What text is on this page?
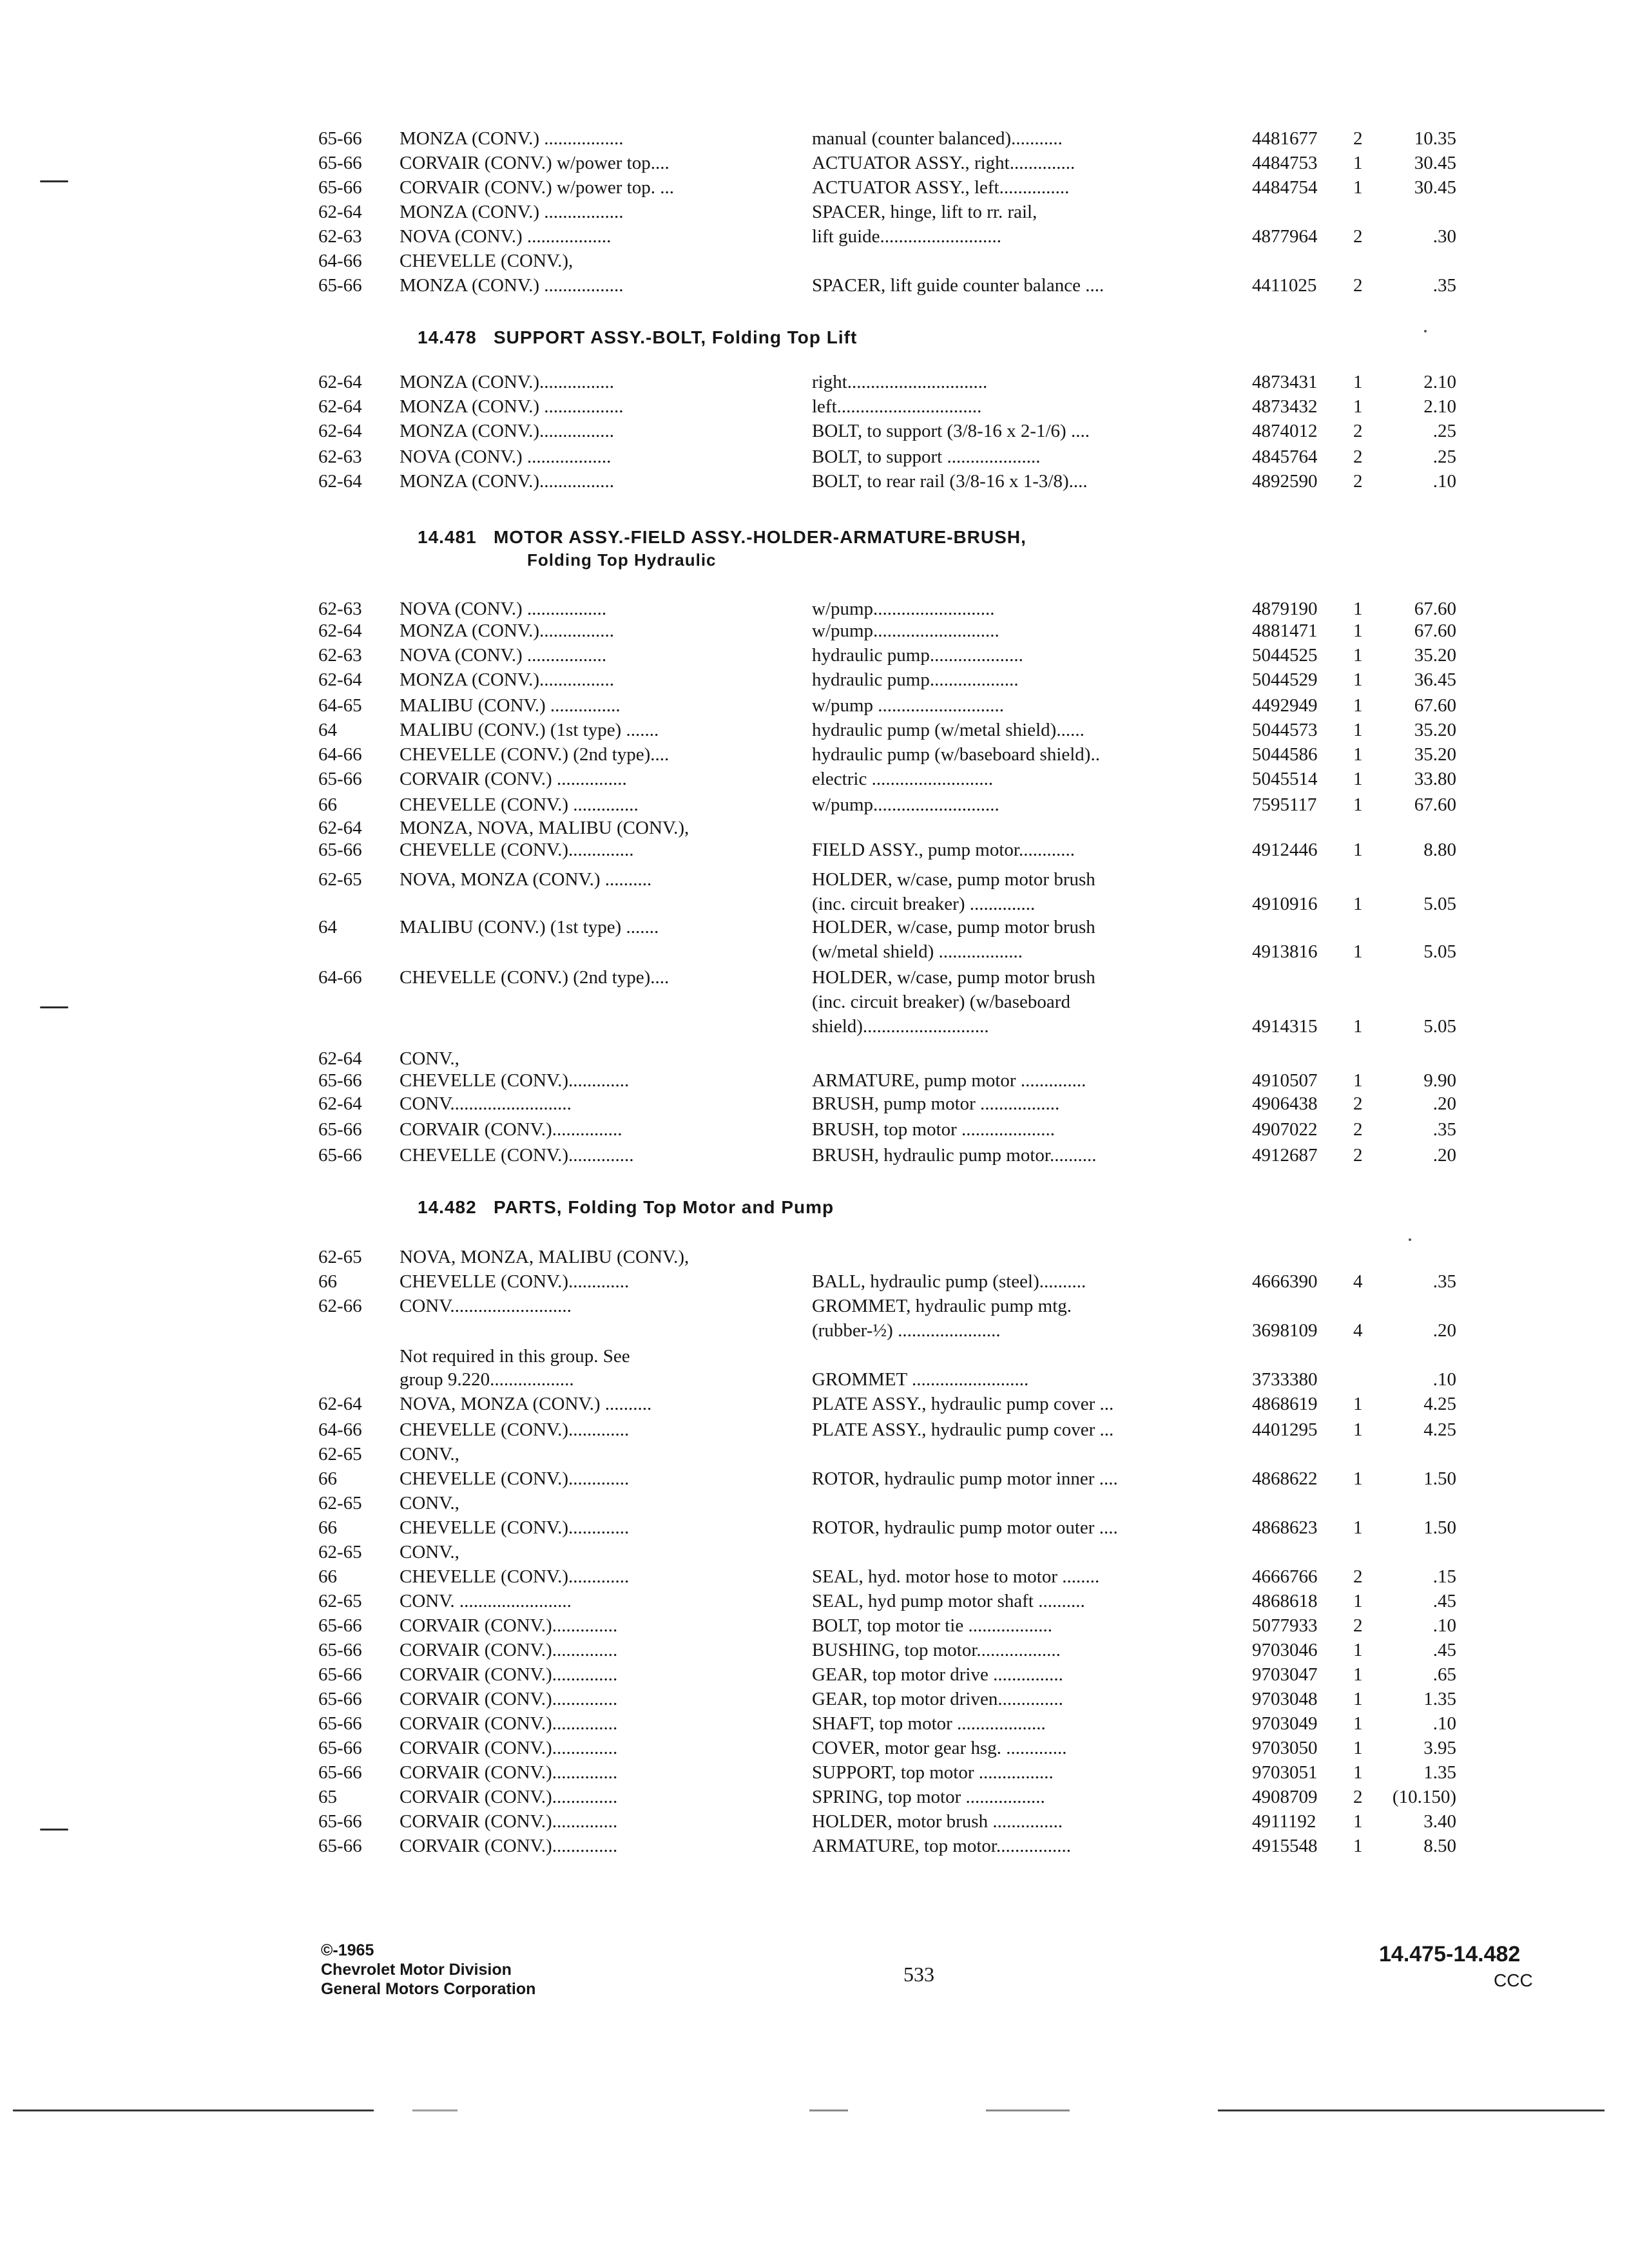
65-66 MONZA (CONV.) .................	manual (counter balanced)...........	4481677 2	10.35
65-66 CORVAIR (CONV.) w/power top....	ACTUATOR ASSY., right..............	4484753 1	30.45
65-66 CORVAIR (CONV.) w/power top. ...	ACTUATOR ASSY., left...............	4484754 1	30.45
62-64 MONZA (CONV.) .................	SPACER, hinge, lift to rr. rail,
62-63 NOVA (CONV.) ..................	lift guide..........................	4877964 2	.30
64-66 CHEVELLE (CONV.),
65-66 MONZA (CONV.) .................	SPACER, lift guide counter balance ....	4411025 2	.35
14.478 SUPPORT ASSY.-BOLT, Folding Top Lift
62-64 MONZA (CONV.)................	right..............................	4873431 1	2.10
62-64 MONZA (CONV.) .................	left...............................	4873432 1	2.10
62-64 MONZA (CONV.)................	BOLT, to support (3/8-16 x 2-1/6) ....	4874012 2	.25
62-63 NOVA (CONV.) ..................	BOLT, to support ....................	4845764 2	.25
62-64 MONZA (CONV.)................	BOLT, to rear rail (3/8-16 x 1-3/8)....	4892590 2	.10
14.481 MOTOR ASSY.-FIELD ASSY.-HOLDER-ARMATURE-BRUSH,
Folding Top Hydraulic
62-63 NOVA (CONV.) .................	w/pump..........................	4879190 1	67.60
62-64 MONZA (CONV.)................	w/pump...........................	4881471 1	67.60
62-63 NOVA (CONV.) .................	hydraulic pump....................	5044525 1	35.20
62-64 MONZA (CONV.)................	hydraulic pump...................	5044529 1	36.45
64-65 MALIBU (CONV.) ...............	w/pump ...........................	4492949 1	67.60
64	MALIBU (CONV.) (1st type) .......	hydraulic pump (w/metal shield)......	5044573 1	35.20
64-66 CHEVELLE (CONV.) (2nd type)....	hydraulic pump (w/baseboard shield)..	5044586 1	35.20
65-66 CORVAIR (CONV.) ...............	electric ..........................	5045514 1	33.80
66	CHEVELLE (CONV.) ..............	w/pump...........................	7595117 1	67.60
62-64 MONZA, NOVA, MALIBU (CONV.),
65-66 CHEVELLE (CONV.)..............	FIELD ASSY., pump motor............	4912446 1	8.80
62-65 NOVA, MONZA (CONV.) ..........	HOLDER, w/case, pump motor brush
(inc. circuit breaker) ..............	4910916 1	5.05
64	MALIBU (CONV.) (1st type) .......	HOLDER, w/case, pump motor brush
(w/metal shield) ..................	4913816 1	5.05
64-66 CHEVELLE (CONV.) (2nd type)....	HOLDER, w/case, pump motor brush
(inc. circuit breaker) (w/baseboard
shield)...........................	4914315 1	5.05
62-64 CONV.,
65-66 CHEVELLE (CONV.).............	ARMATURE, pump motor ..............	4910507 1	9.90
62-64 CONV..........................	BRUSH, pump motor .................	4906438 2	.20
65-66 CORVAIR (CONV.)...............	BRUSH, top motor ....................	4907022 2	.35
65-66 CHEVELLE (CONV.)..............	BRUSH, hydraulic pump motor..........	4912687 2	.20
14.482 PARTS, Folding Top Motor and Pump
62-65 NOVA, MONZA, MALIBU (CONV.),
66	CHEVELLE (CONV.).............	BALL, hydraulic pump (steel)..........	4666390 4	.35
62-66 CONV..........................	GROMMET, hydraulic pump mtg.
(rubber-½) ......................	3698109 4	.20
Not required in this group. See
group 9.220..................	GROMMET .........................	3733380	.10
62-64 NOVA, MONZA (CONV.) ..........	PLATE ASSY., hydraulic pump cover ...	4868619 1	4.25
64-66 CHEVELLE (CONV.).............	PLATE ASSY., hydraulic pump cover ...	4401295 1	4.25
62-65 CONV.,
66	CHEVELLE (CONV.).............	ROTOR, hydraulic pump motor inner ....	4868622 1	1.50
62-65 CONV.,
66	CHEVELLE (CONV.).............	ROTOR, hydraulic pump motor outer ....	4868623 1	1.50
62-65 CONV.,
66	CHEVELLE (CONV.).............	SEAL, hyd. motor hose to motor ........	4666766 2	.15
62-65 CONV. ........................	SEAL, hyd pump motor shaft ..........	4868618 1	.45
65-66 CORVAIR (CONV.)..............	BOLT, top motor tie ..................	5077933 2	.10
65-66 CORVAIR (CONV.)..............	BUSHING, top motor..................	9703046 1	.45
65-66 CORVAIR (CONV.)..............	GEAR, top motor drive ...............	9703047 1	.65
65-66 CORVAIR (CONV.)..............	GEAR, top motor driven..............	9703048 1	1.35
65-66 CORVAIR (CONV.)..............	SHAFT, top motor ...................	9703049 1	.10
65-66 CORVAIR (CONV.)..............	COVER, motor gear hsg. .............	9703050 1	3.95
65-66 CORVAIR (CONV.)..............	SUPPORT, top motor ................	9703051 1	1.35
65	CORVAIR (CONV.)..............	SPRING, top motor .................	4908709 2	(10.150)
65-66 CORVAIR (CONV.)..............	HOLDER, motor brush ...............	4911192 1	3.40
65-66 CORVAIR (CONV.)..............	ARMATURE, top motor................	4915548 1	8.50
©-1965
Chevrolet Motor Division
General Motors Corporation
533
14.475-14.482
CCC
